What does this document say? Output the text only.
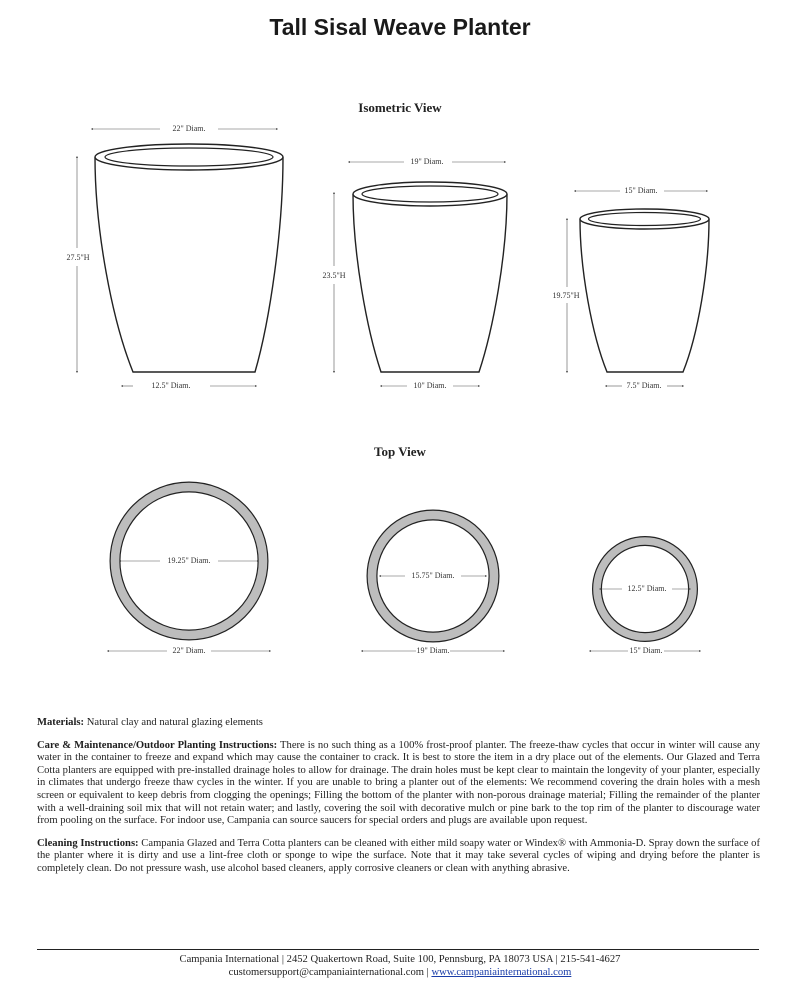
Tall Sisal Weave Planter
Isometric View
Top View
22" Diam.
27.5"H
12.5" Diam.
19" Diam.
23.5"H
10" Diam.
15" Diam.
19.75"H
7.5" Diam.
19.25" Diam.
22" Diam.
15.75" Diam.
19" Diam.
12.5" Diam.
15" Diam.

Materials: Natural clay and natural glazing elements

Care & Maintenance/Outdoor Planting Instructions: There is no such thing as a 100% frost-proof planter. The freeze-thaw cycles that occur in winter will cause any water in the container to freeze and expand which may cause the container to crack. It is best to store the item in a dry place out of the elements. Our Glazed and Terra Cotta planters are equipped with pre-installed drainage holes to allow for drainage. The drain holes must be kept clear to maintain the longevity of your planter, especially in climates that undergo freeze thaw cycles in the winter. If you are unable to bring a planter out of the elements: We recommend covering the drain holes with a mesh screen or equivalent to keep debris from clogging the openings; Filling the bottom of the planter with non-porous drainage material; Filling the remainder of the planter with a well-draining soil mix that will not retain water; and lastly, covering the soil with decorative mulch or pine bark to the top rim of the planter to discourage water from pooling on the surface. For indoor use, Campania can source saucers for special orders and plugs are available upon request.

Cleaning Instructions: Campania Glazed and Terra Cotta planters can be cleaned with either mild soapy water or Windex® with Ammonia-D. Spray down the surface of the planter where it is dirty and use a lint-free cloth or sponge to wipe the surface. Note that it may take several cycles of wiping and drying before the planter is completely clean. Do not pressure wash, use alcohol based cleaners, apply corrosive cleaners or clean with anything abrasive.

Campania International | 2452 Quakertown Road, Suite 100, Pennsburg, PA 18073 USA | 215-541-4627
customersupport@campaniainternational.com | www.campaniainternational.com
